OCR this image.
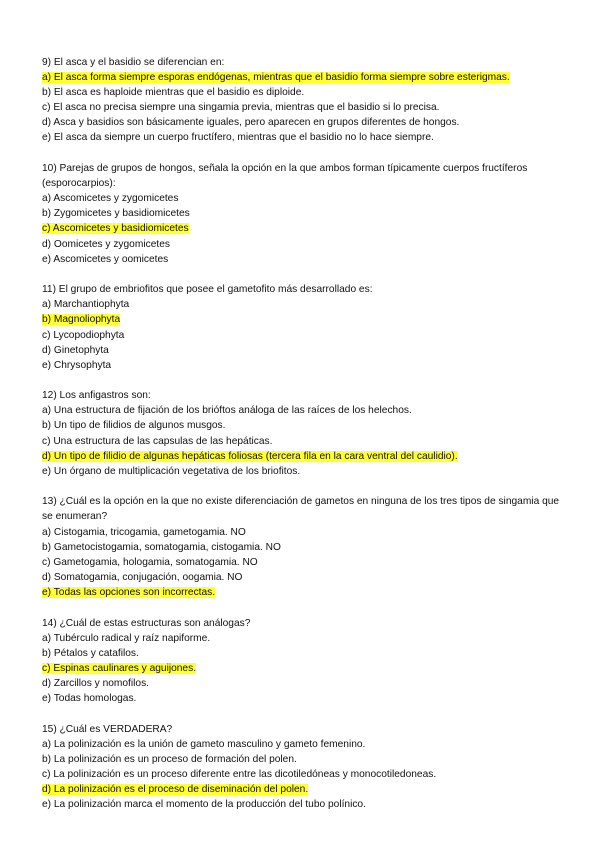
9) El asca y el basidio se diferencian en:
a) El asca forma siempre esporas endógenas, mientras que el basidio forma siempre sobre esterigmas.
b) El asca es haploide mientras que el basidio es diploide.
c) El asca no precisa siempre una singamia previa, mientras que el basidio si lo precisa.
d) Asca y basidios son básicamente iguales, pero aparecen en grupos diferentes de hongos.
e) El asca da siempre un cuerpo fructífero, mientras que el basidio no lo hace siempre.
10) Parejas de grupos de hongos, señala la opción en la que ambos forman típicamente cuerpos fructíferos (esporocarpios):
a) Ascomicetes y zygomicetes
b) Zygomicetes y basidiomicetes
c) Ascomicetes y basidiomicetes
d) Oomicetes y zygomicetes
e) Ascomicetes y oomicetes
11) El grupo de embriofitos que posee el gametofito más desarrollado es:
a) Marchantiophyta
b) Magnoliophyta
c) Lycopodiophyta
d) Ginetophyta
e) Chrysophyta
12) Los anfigastros son:
a) Una estructura de fijación de los brióftos análoga de las raíces de los helechos.
b) Un tipo de filidios de algunos musgos.
c) Una estructura de las capsulas de las hepáticas.
d) Un tipo de filidio de algunas hepáticas foliosas (tercera fila en la cara ventral del caulidio).
e) Un órgano de multiplicación vegetativa de los briofitos.
13) ¿Cuál es la opción en la que no existe diferenciación de gametos en ninguna de los tres tipos de singamia que se enumeran?
a) Cistogamia, tricogamia, gametogamia. NO
b) Gametocistogamia, somatogamia, cistogamia. NO
c) Gametogamia, hologamia, somatogamia. NO
d) Somatogamia, conjugación, oogamia. NO
e) Todas las opciones son incorrectas.
14) ¿Cuál de estas estructuras son análogas?
a) Tubérculo radical y raíz napiforme.
b) Pétalos y catafilos.
c) Espinas caulinares y aguijones.
d) Zarcillos y nomofilos.
e) Todas homologas.
15) ¿Cuál es VERDADERA?
a) La polinización es la unión de gameto masculino y gameto femenino.
b) La polinización es un proceso de formación del polen.
c) La polinización es un proceso diferente entre las dicotiledóneas y monocotiledoneas.
d) La polinización es el proceso de diseminación del polen.
e) La polinización marca el momento de la producción del tubo polínico.
